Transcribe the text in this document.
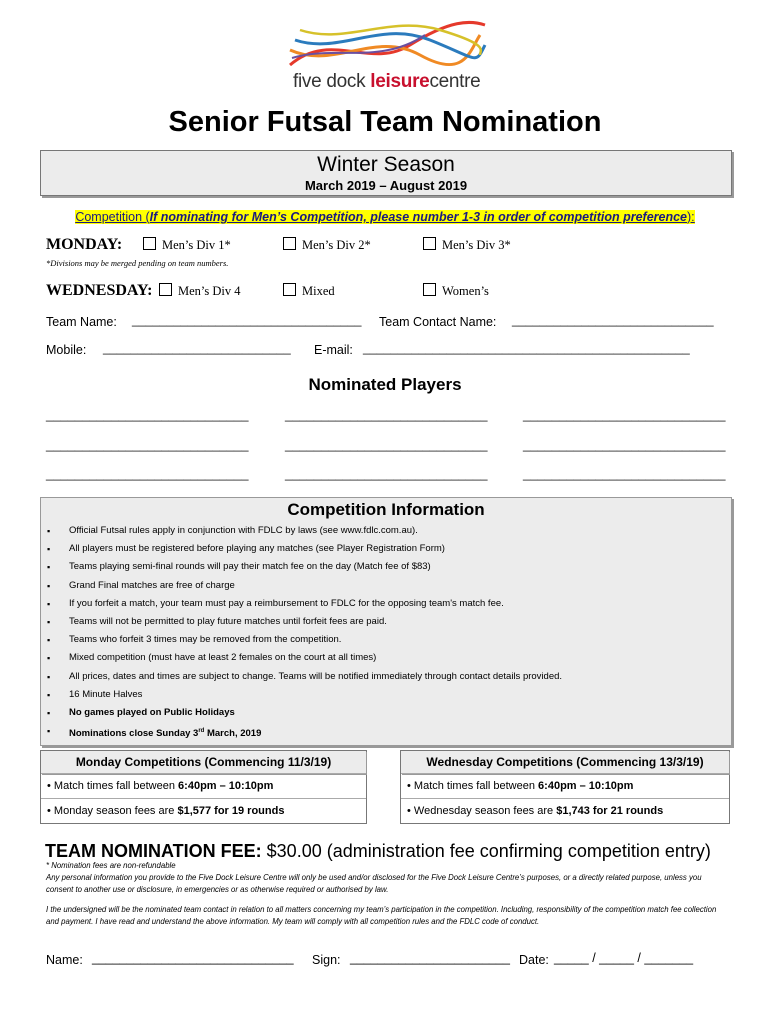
five dock leisurecentre
Senior Futsal Team Nomination
Winter Season
March 2019 – August 2019
Competition (If nominating for Men’s Competition, please number 1-3 in order of competition preference):
MONDAY:	Men’s Div 1*	Men’s Div 2*	Men’s Div 3*
*Divisions may be merged pending on team numbers.
WEDNESDAY:	Men’s Div 4	Mixed	Women’s
Team Name: _________________________________ Team Contact Name: _____________________________
Mobile: ___________________________ E-mail: _______________________________________________
Nominated Players
____________________________	____________________________	____________________________
____________________________	____________________________	____________________________
____________________________	____________________________	____________________________
Competition Information
▪ Official Futsal rules apply in conjunction with FDLC by laws (see www.fdlc.com.au).
▪ All players must be registered before playing any matches (see Player Registration Form)
▪ Teams playing semi-final rounds will pay their match fee on the day (Match fee of $83)
▪ Grand Final matches are free of charge
▪ If you forfeit a match, your team must pay a reimbursement to FDLC for the opposing team's match fee.
▪ Teams will not be permitted to play future matches until forfeit fees are paid.
▪ Teams who forfeit 3 times may be removed from the competition.
▪ Mixed competition (must have at least 2 females on the court at all times)
▪ All prices, dates and times are subject to change. Teams will be notified immediately through contact details provided.
▪ 16 Minute Halves
▪ No games played on Public Holidays
▪ Nominations close Sunday 3rd March, 2019
Monday Competitions (Commencing 11/3/19)
• Match times fall between 6:40pm – 10:10pm
• Monday season fees are $1,577 for 19 rounds
Wednesday Competitions (Commencing 13/3/19)
• Match times fall between 6:40pm – 10:10pm
• Wednesday season fees are $1,743 for 21 rounds
TEAM NOMINATION FEE: $30.00 (administration fee confirming competition entry)
* Nomination fees are non-refundable
Any personal information you provide to the Five Dock Leisure Centre will only be used and/or disclosed for the Five Dock Leisure Centre’s purposes, or a directly related purpose, unless you consent to another use or disclosure, in emergencies or as otherwise required or authorised by law.
I the undersigned will be the nominated team contact in relation to all matters concerning my team’s participation in the competition. Including, responsibility of the competition match fee collection and payment. I have read and understand the above information. My team will comply with all competition rules and the FDLC code of conduct.
Name: _____________________________ Sign: _______________________ Date: _____ / _____ / _______
